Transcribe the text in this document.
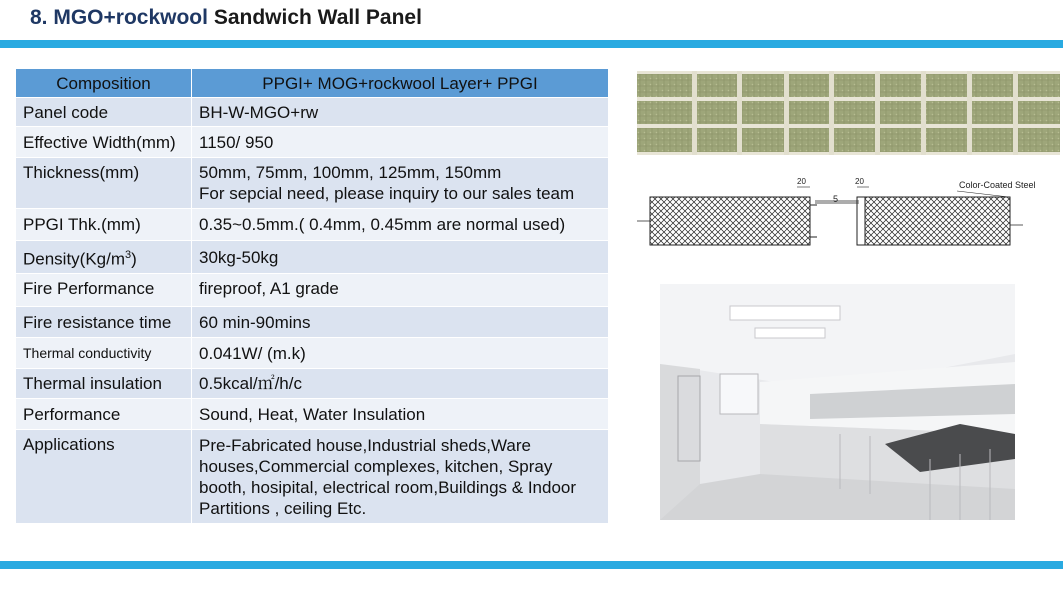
8. MGO+rockwool Sandwich Wall Panel
Composition	PPGI+ MOG+rockwool Layer+ PPGI
Panel code	BH-W-MGO+rw
Effective Width(mm)	1150/ 950
Thickness(mm)	50mm, 75mm, 100mm, 125mm, 150mm
For sepcial need, please inquiry to our sales team

PPGI Thk.(mm)	0.35~0.5mm.( 0.4mm, 0.45mm are normal used)
$Density(Kg/m^3)$	30kg-50kg
Fire Performance	fireproof, A1 grade
Fire resistance time	60 min-90mins
Thermal conductivity	0.041W/ (m.k)
Thermal insulation	0.5kcal/㎡/h/c
Performance	Sound, Heat, Water Insulation
Applications	Pre-Fabricated house,Industrial sheds,Ware houses,Commercial complexes, kitchen, Spray booth, hosipital, electrical room,Buildings & Indoor Partitions , ceiling Etc.
20
5
20	Color-Coated Steel
